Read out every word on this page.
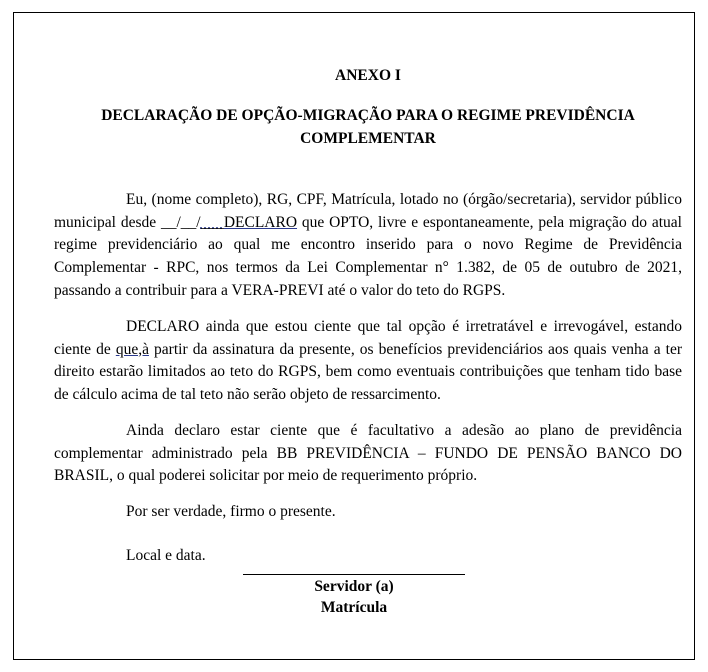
ANEXO I
DECLARAÇÃO DE OPÇÃO-MIGRAÇÃO PARA O REGIME PREVIDÊNCIA COMPLEMENTAR

Eu, (nome completo), RG, CPF, Matrícula, lotado no (órgão/secretaria), servidor público municipal desde __/__/___DECLARO que OPTO, livre e espontaneamente, pela migração do atual regime previdenciário ao qual me encontro inserido para o novo Regime de Previdência Complementar - RPC, nos termos da Lei Complementar n° 1.382, de 05 de outubro de 2021, passando a contribuir para a VERA-PREVI até o valor do teto do RGPS.

DECLARO ainda que estou ciente que tal opção é irretratável e irrevogável, estando ciente de que,à partir da assinatura da presente, os benefícios previdenciários aos quais venha a ter direito estarão limitados ao teto do RGPS, bem como eventuais contribuições que tenham tido base de cálculo acima de tal teto não serão objeto de ressarcimento.

Ainda declaro estar ciente que é facultativo a adesão ao plano de previdência complementar administrado pela BB PREVIDÊNCIA – FUNDO DE PENSÃO BANCO DO BRASIL, o qual poderei solicitar por meio de requerimento próprio.

Por ser verdade, firmo o presente.

Local e data.

Servidor (a)
Matrícula
